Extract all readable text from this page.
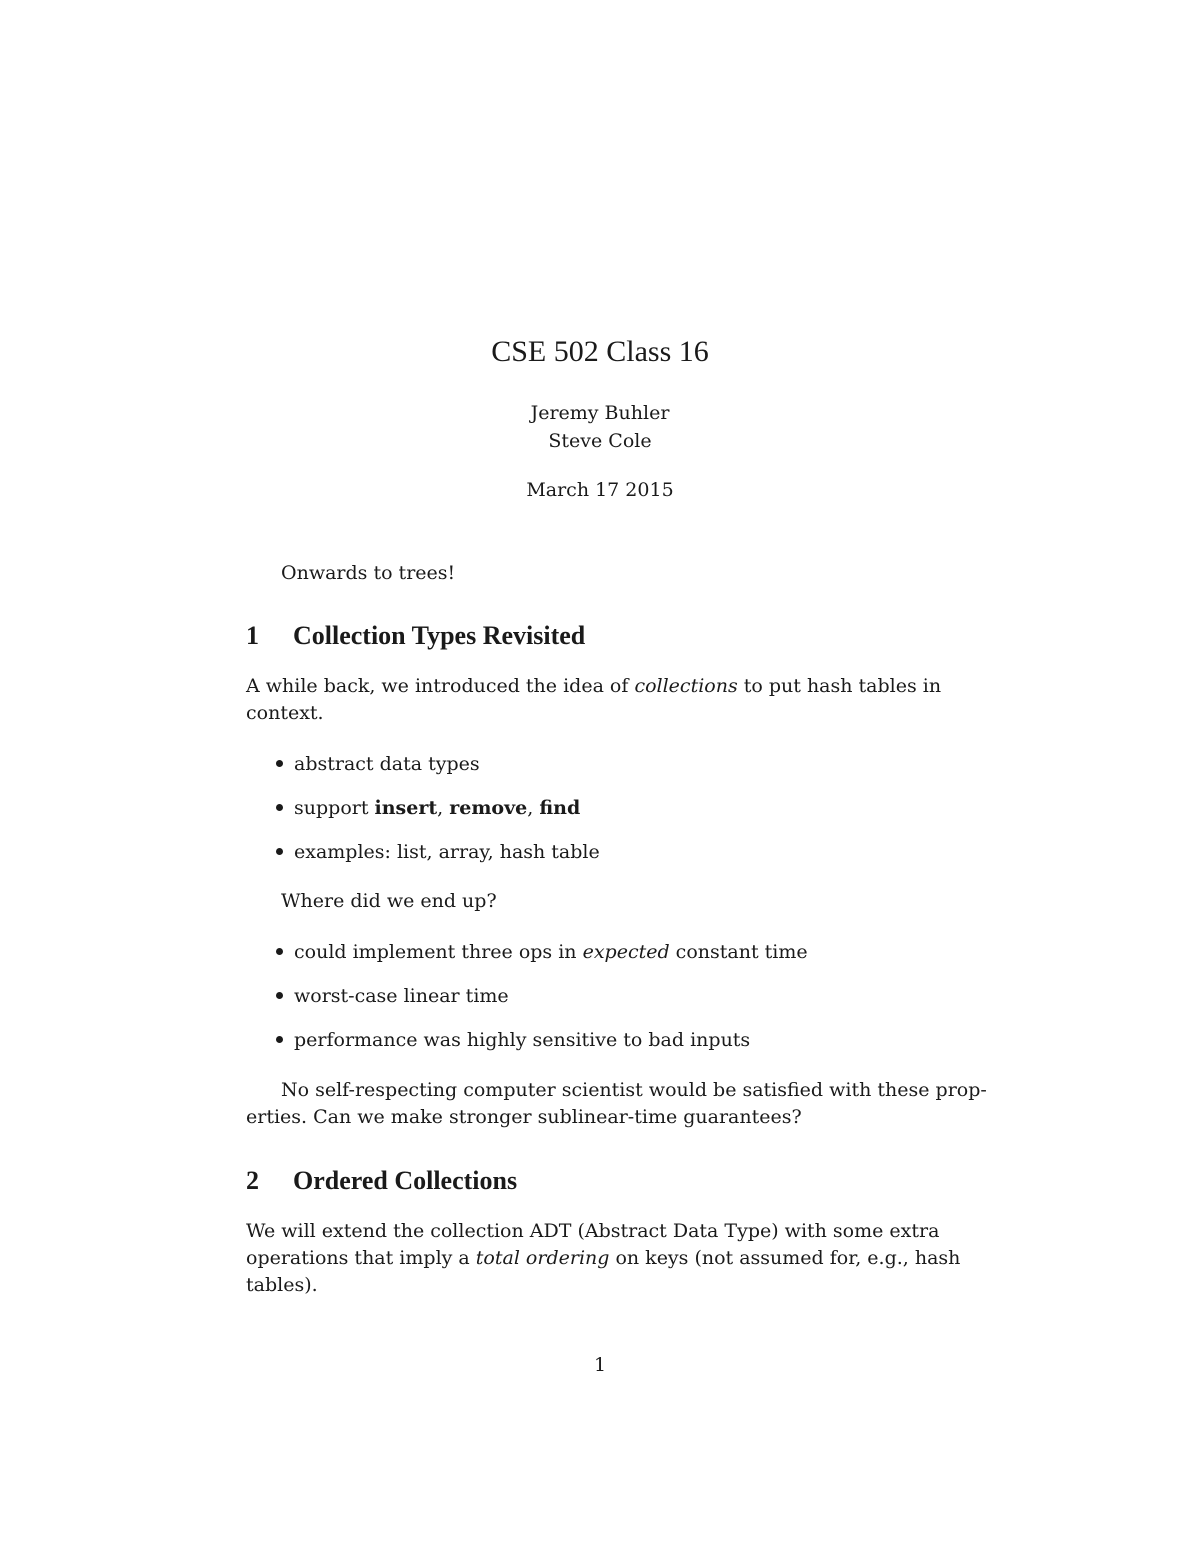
CSE 502 Class 16
Jeremy Buhler
Steve Cole
March 17 2015
Onwards to trees!
1 Collection Types Revisited
A while back, we introduced the idea of collections to put hash tables in
context.
abstract data types
support insert, remove, find
examples: list, array, hash table
Where did we end up?
could implement three ops in expected constant time
worst-case linear time
performance was highly sensitive to bad inputs
No self-respecting computer scientist would be satisfied with these prop-
erties. Can we make stronger sublinear-time guarantees?
2 Ordered Collections
We will extend the collection ADT (Abstract Data Type) with some extra
operations that imply a total ordering on keys (not assumed for, e.g., hash
tables).
1
